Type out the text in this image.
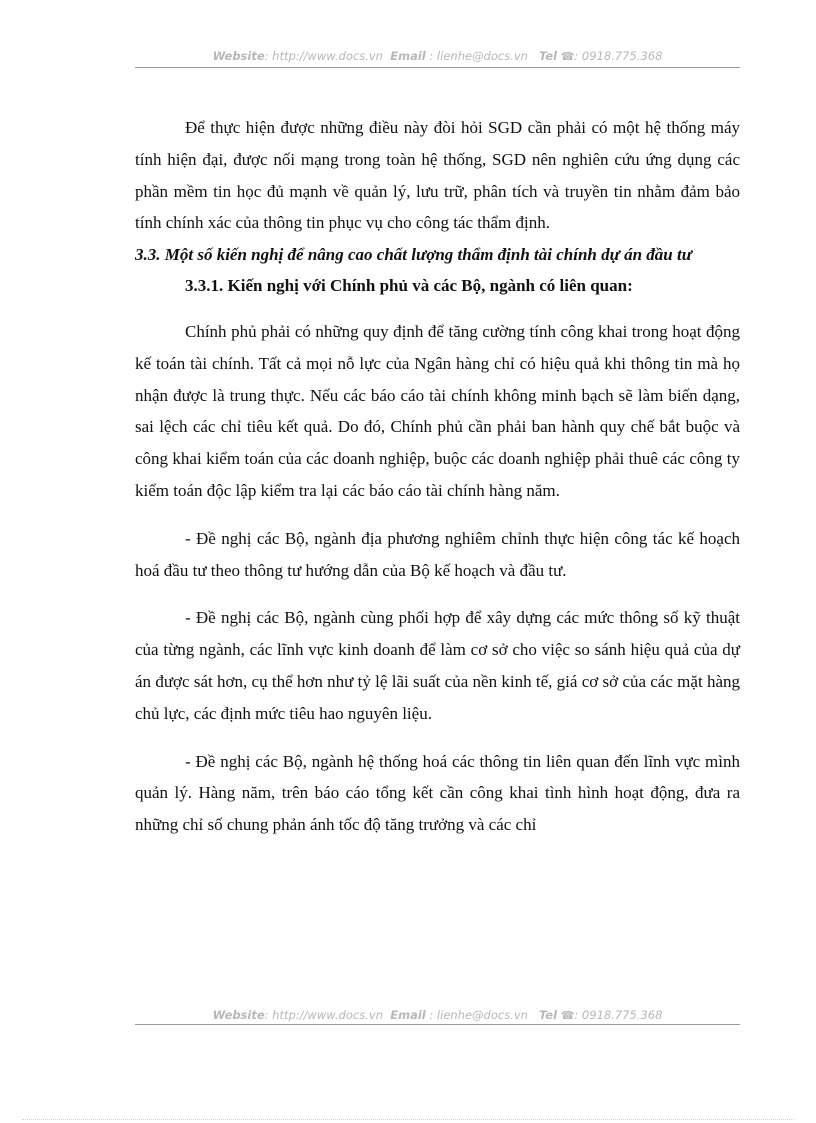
Website: http://www.docs.vn Email : lienhe@docs.vn Tel ☎: 0918.775.368

Để thực hiện được những điều này đòi hỏi SGD cần phải có một hệ thống máy tính hiện đại, được nối mạng trong toàn hệ thống, SGD nên nghiên cứu ứng dụng các phần mềm tin học đủ mạnh về quản lý, lưu trữ, phân tích và truyền tin nhằm đảm bảo tính chính xác của thông tin phục vụ cho công tác thẩm định.

3.3. Một số kiến nghị để nâng cao chất lượng thẩm định tài chính dự án đầu tư

3.3.1. Kiến nghị với Chính phủ và các Bộ, ngành có liên quan:

Chính phủ phải có những quy định để tăng cường tính công khai trong hoạt động kế toán tài chính. Tất cả mọi nỗ lực của Ngân hàng chỉ có hiệu quả khi thông tin mà họ nhận được là trung thực. Nếu các báo cáo tài chính không minh bạch sẽ làm biến dạng, sai lệch các chỉ tiêu kết quả. Do đó, Chính phủ cần phải ban hành quy chế bắt buộc và công khai kiểm toán của các doanh nghiệp, buộc các doanh nghiệp phải thuê các công ty kiểm toán độc lập kiểm tra lại các báo cáo tài chính hàng năm.

- Đề nghị các Bộ, ngành địa phương nghiêm chỉnh thực hiện công tác kế hoạch hoá đầu tư theo thông tư hướng dẫn của Bộ kế hoạch và đầu tư.

- Đề nghị các Bộ, ngành cùng phối hợp để xây dựng các mức thông số kỹ thuật của từng ngành, các lĩnh vực kinh doanh để làm cơ sở cho việc so sánh hiệu quả của dự án được sát hơn, cụ thể hơn như tỷ lệ lãi suất của nền kinh tế, giá cơ sở của các mặt hàng chủ lực, các định mức tiêu hao nguyên liệu.

- Đề nghị các Bộ, ngành hệ thống hoá các thông tin liên quan đến lĩnh vực mình quản lý. Hàng năm, trên báo cáo tổng kết cần công khai tình hình hoạt động, đưa ra những chỉ số chung phản ánh tốc độ tăng trưởng và các chỉ

Website: http://www.docs.vn Email : lienhe@docs.vn Tel ☎: 0918.775.368
